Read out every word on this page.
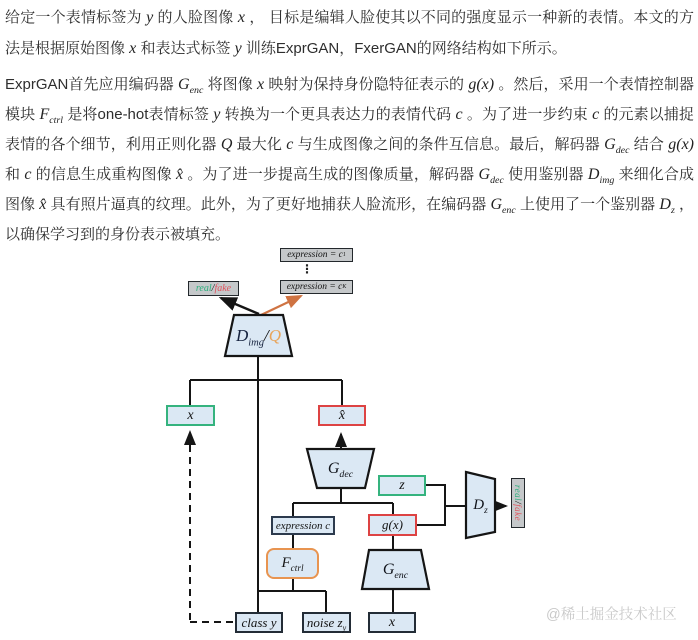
给定一个表情标签为 y 的人脸图像 x ， 目标是编辑人脸使其以不同的强度显示一种新的表情。本文的方法是根据原始图像 x 和表达式标签 y 训练ExprGAN，FxerGAN的网络结构如下所示。

ExprGAN首先应用编码器 $G_{enc}$ 将图像 x 映射为保持身份隐特征表示的 g(x) 。然后，采用一个表情控制器模块 $F_{ctrl}$ 是将one-hot表情标签 y 转换为一个更具表达力的表情代码 c 。为了进一步约束 c 的元素以捕捉表情的各个细节，利用正则化器 Q 最大化 c 与生成图像之间的条件互信息。最后，解码器 $G_{dec}$ 结合 g(x) 和 c 的信息生成重构图像 x̂ 。为了进一步提高生成的图像质量，解码器 $G_{dec}$ 使用鉴别器 $D_{img}$ 来细化合成图像 x̂ 具有照片逼真的纹理。此外，为了更好地捕获人脸流形，在编码器 $G_{enc}$ 上使用了一个鉴别器 $D_z$ ，以确保学习到的身份表示被填充。

$D_{img}$ / Q
$G_{dec}$
$G_{enc}$
$D_z$
expression = c 1
⋮
expression = c K
real / fake
x	x̂
z
expression c	g(x)
$F_{ctrl}$
class y noise $z_y$	x
real/fake
@稀土掘金技术社区
